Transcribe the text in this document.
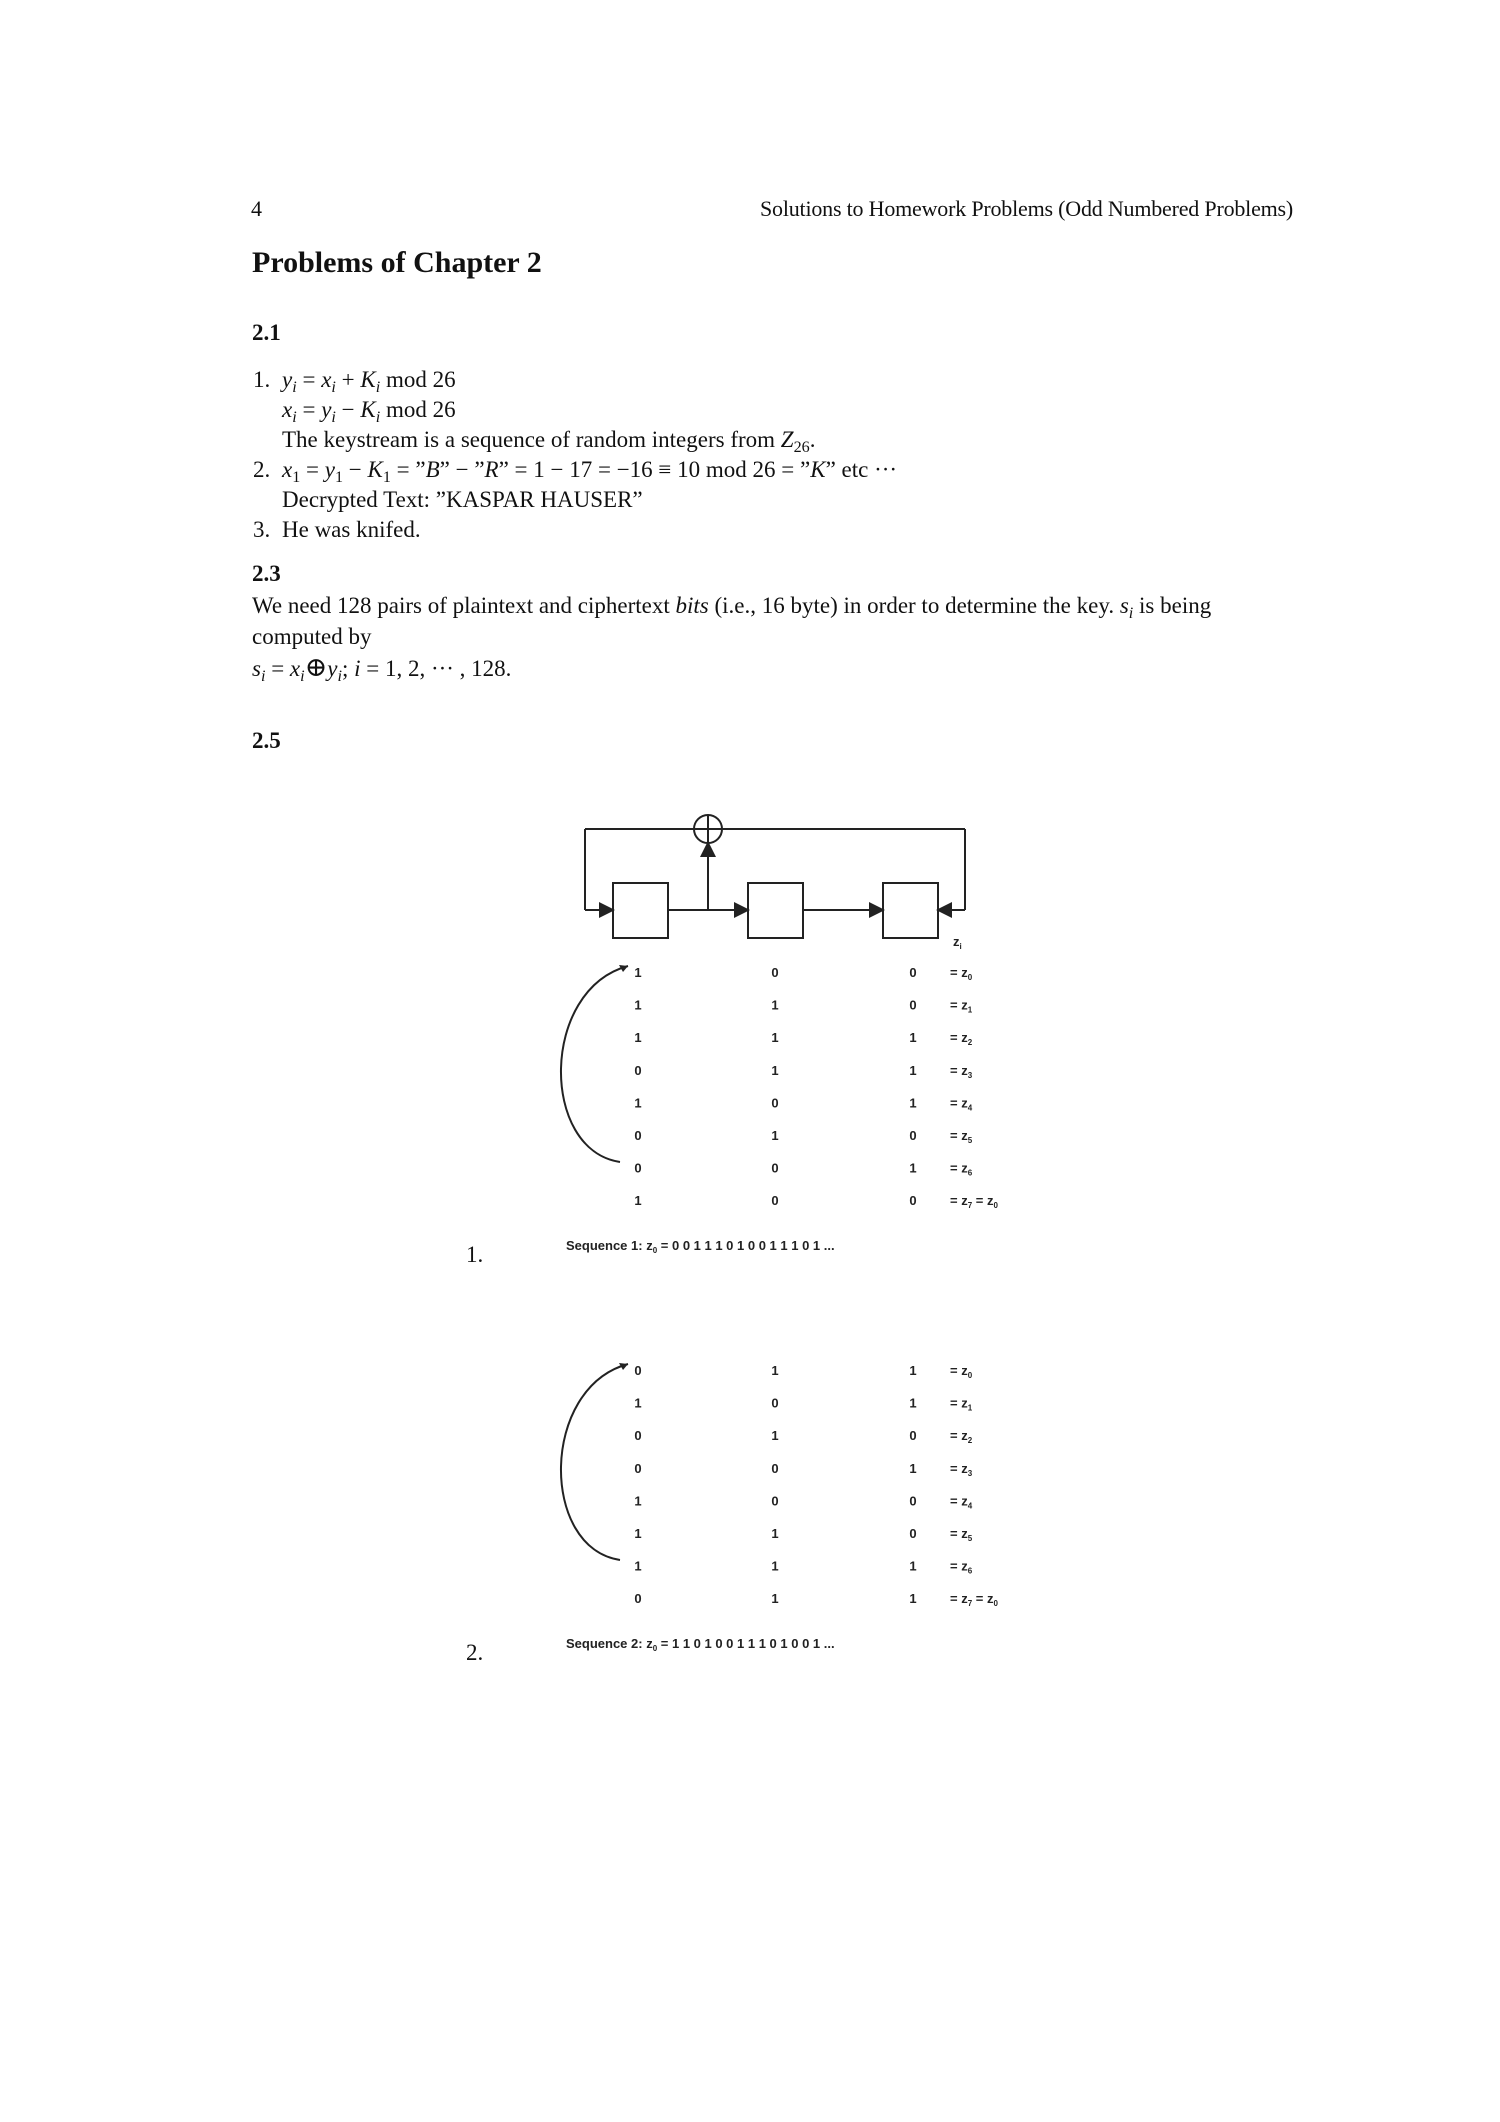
4	Solutions to Homework Problems (Odd Numbered Problems)
Problems of Chapter 2
2.1
1. $y_i = x_i + K_i$ mod 26
$x_i = y_i - K_i$ mod 26
The keystream is a sequence of random integers from $Z_{26}$.
2. $x_1 = y_1 - K_1$ = ”B” − ”R” = 1 − 17 = −16 ≡ 10 mod 26 = ”K” etc ···
Decrypted Text: ”KASPAR HAUSER”
3. He was knifed.
2.3
We need 128 pairs of plaintext and ciphertext bits (i.e., 16 byte) in order to determine the key. $s_i$ is being computed by
$s_i$ = $x_i\oplus y_i$; i = 1, 2, ··· , 128.
2.5
$z_i$
1	0	0	= $z_0$
1	1	0	= $z_1$
1	1	1	= $z_2$
0	1	1	= $z_3$
1	0	1	= $z_4$
0	1	0	= $z_5$
0	0	1	= $z_6$
1	0	0	= $z_7 = z_0$
0	1	1	= $z_0$
1	0	1	= $z_1$
0	1	0	= $z_2$
0	0	1	= $z_3$
1	0	0	= $z_4$
1	1	0	= $z_5$
1	1	1	= $z_6$
0	1	1	= $z_7 = z_0$
Sequence 1: $z_0 = 0$ 0 1 1 1 0 1 0 0 1 1 1 0 1 ...
Sequence 2: $z_0 = 1$ 1 0 1 0 0 1 1 1 0 1 0 0 1 ...
1.
2.
